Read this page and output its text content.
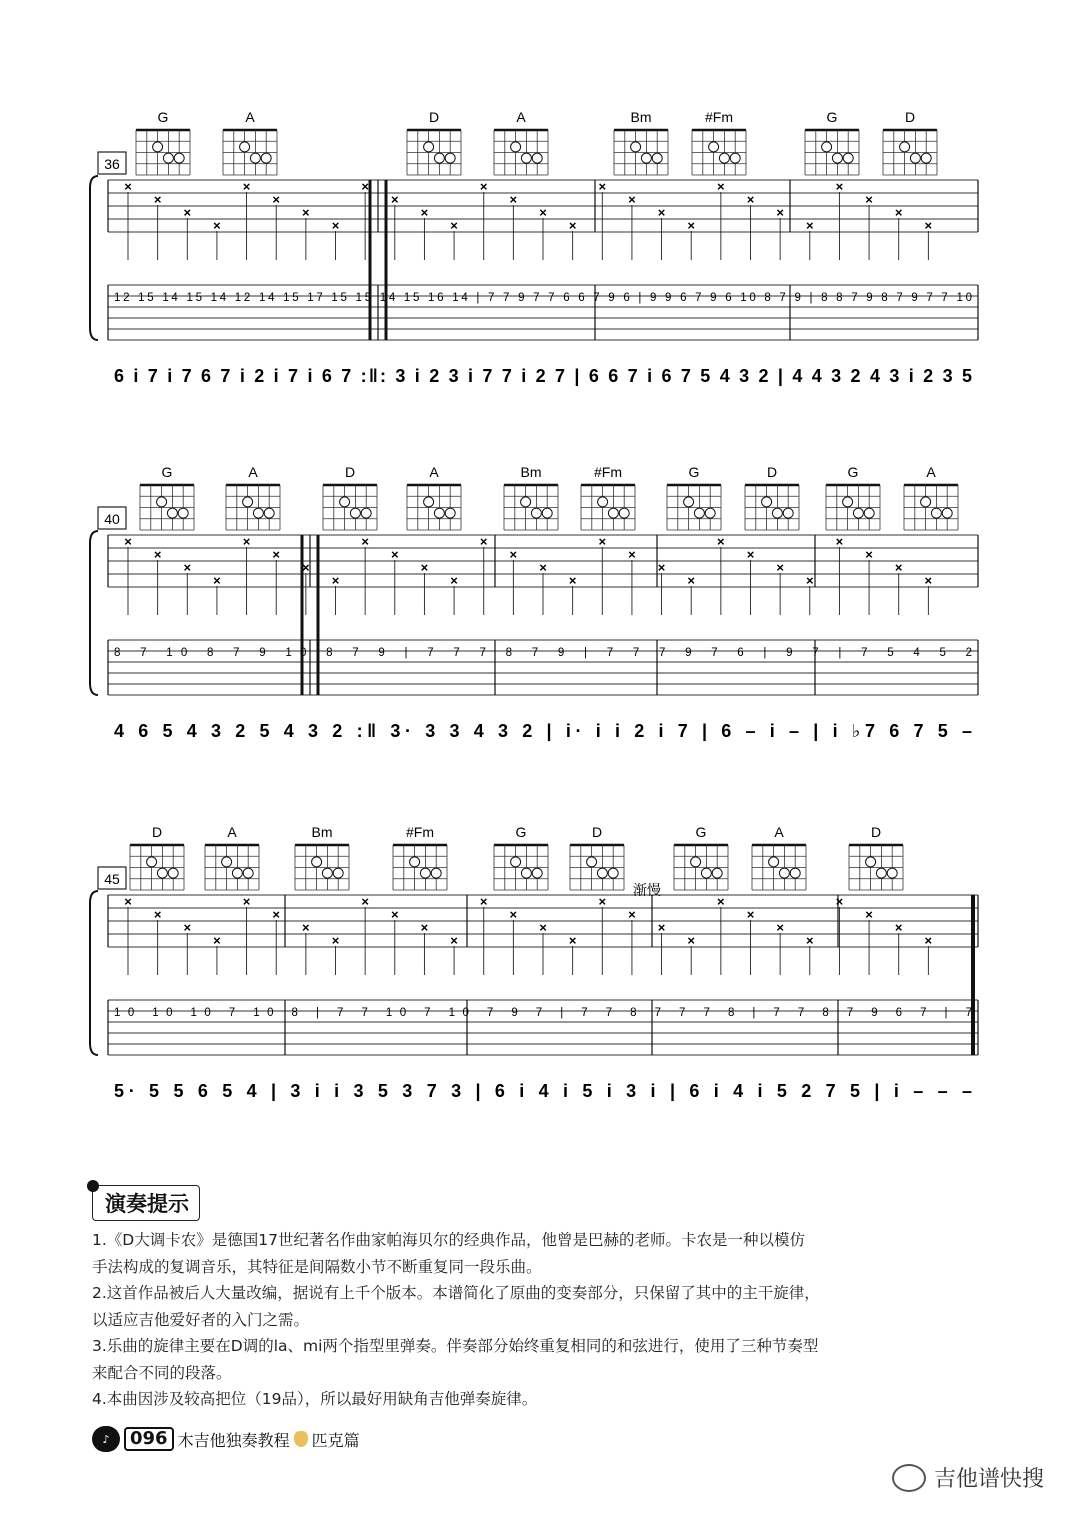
36
G	A	D	A	Bm	#Fm	G	D
×
×
×
×
×
×
×
×
×
×
×
×
×
×
×
×
×
×
×
×
×
×
×
×
×
×
×
×
12 15 14 15 14 12 14 15 17 15 15 14 15 16 14 | 7 7 9 7 7 6 6 7 9 6 | 9 9 6 7 9 6 10 8 7 9 | 8 8 7 9 8 7 9 7 7 10
6 i 7 i 7 6 7 i 2 i 7 i 6 7 :‖: 3 i 2 3 i 7 7 i 2 7 | 6 6 7 i 6 7 5 4 3 2 | 4 4 3 2 4 3 i 2 3 5
40
G	A	D	A	Bm	#Fm	G	D	G	A
×
×
×
×
×
×
×
×
×
×
×
×
×
×
×
×
×
×
×
×
×
×
×
×
×
×
×
×
8 7 10 8 7 9 10 8 7 9 | 7 7 7 8 7 9 | 7 7 7 9 7 6 | 9 7 | 7 5 4 5 2
4 6 5 4 3 2 5 4 3 2 :‖ 3· 3 3 4 3 2 | i· i i 2 i 7 | 6 – i – | i ♭7 6 7 5 –
45
D	A	Bm	#Fm	G	D	G	A	D
×
×
×
×
×
×
×
×
×
×
×
×
×
×
×
×
×
×
×
×
×
×
×
×
×
×
×
×
10 10 10 7 10 8 | 7 7 10 7 10 7 9 7 | 7 7 8 7 7 7 8 | 7 7 8 7 9 6 7 | 7
5· 5 5 6 5 4 | 3 i i 3 5 3 7 3 | 6 i 4 i 5 i 3 i | 6 i 4 i 5 2 7 5 | i – – –
渐慢
演奏提示
1.《D大调卡农》是德国17世纪著名作曲家帕海贝尔的经典作品，他曾是巴赫的老师。卡农是一种以模仿
手法构成的复调音乐，其特征是间隔数小节不断重复同一段乐曲。
2.这首作品被后人大量改编，据说有上千个版本。本谱简化了原曲的变奏部分，只保留了其中的主干旋律，
以适应吉他爱好者的入门之需。
3.乐曲的旋律主要在D调的la、mi两个指型里弹奏。伴奏部分始终重复相同的和弦进行，使用了三种节奏型
来配合不同的段落。
4.本曲因涉及较高把位（19品），所以最好用缺角吉他弹奏旋律。
♪	096 木吉他独奏教程 匹克篇
吉他谱快搜
